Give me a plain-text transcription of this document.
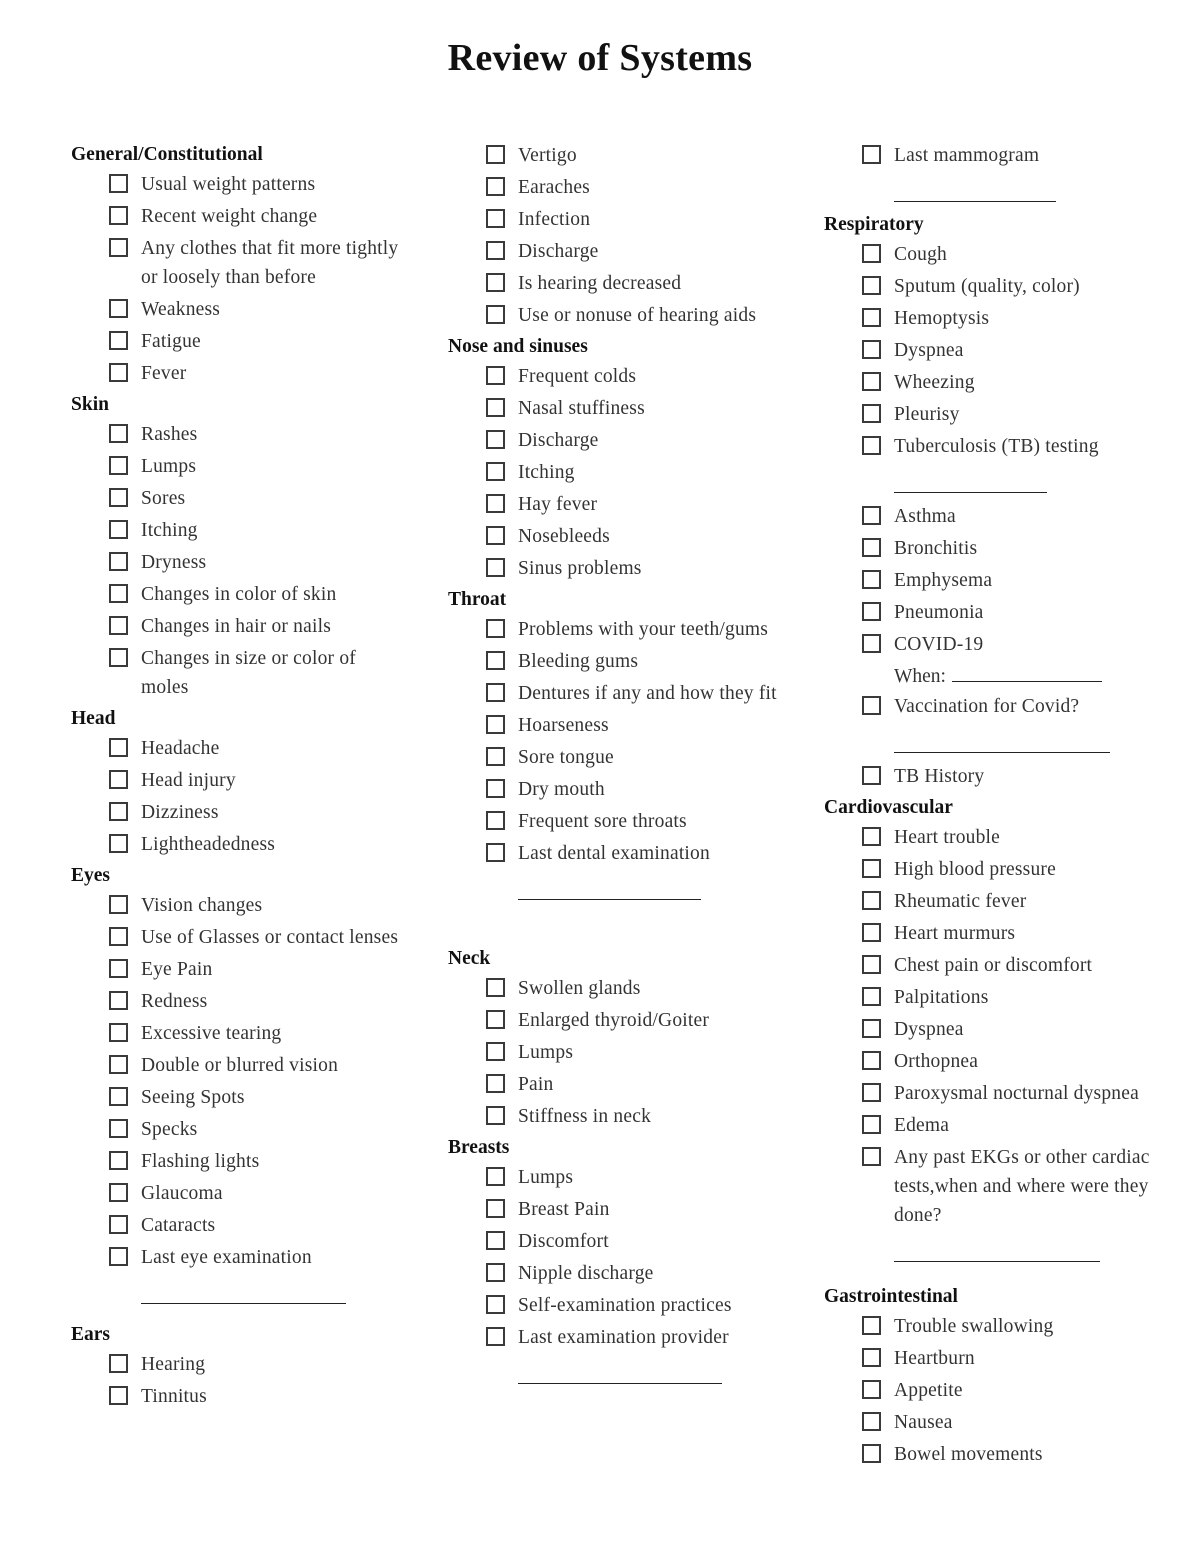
Review of Systems
General/Constitutional
Usual weight patterns
Recent weight change
Any clothes that fit more tightly or loosely than before
Weakness
Fatigue
Fever
Skin
Rashes
Lumps
Sores
Itching
Dryness
Changes in color of skin
Changes in hair or nails
Changes in size or color of moles
Head
Headache
Head injury
Dizziness
Lightheadedness
Eyes
Vision changes
Use of Glasses or contact lenses
Eye Pain
Redness
Excessive tearing
Double or blurred vision
Seeing Spots
Specks
Flashing lights
Glaucoma
Cataracts
Last eye examination
Ears
Hearing
Tinnitus
Vertigo
Earaches
Infection
Discharge
Is hearing decreased
Use or nonuse of hearing aids
Nose and sinuses
Frequent colds
Nasal stuffiness
Discharge
Itching
Hay fever
Nosebleeds
Sinus problems
Throat
Problems with your teeth/gums
Bleeding gums
Dentures if any and how they fit
Hoarseness
Sore tongue
Dry mouth
Frequent sore throats
Last dental examination
Neck
Swollen glands
Enlarged thyroid/Goiter
Lumps
Pain
Stiffness in neck
Breasts
Lumps
Breast Pain
Discomfort
Nipple discharge
Self-examination practices
Last examination provider
Last mammogram
Respiratory
Cough
Sputum (quality, color)
Hemoptysis
Dyspnea
Wheezing
Pleurisy
Tuberculosis (TB) testing
Asthma
Bronchitis
Emphysema
Pneumonia
COVID-19
When:
Vaccination for Covid?
TB History
Cardiovascular
Heart trouble
High blood pressure
Rheumatic fever
Heart murmurs
Chest pain or discomfort
Palpitations
Dyspnea
Orthopnea
Paroxysmal nocturnal dyspnea
Edema
Any past EKGs or other cardiac tests,when and where were they done?
Gastrointestinal
Trouble swallowing
Heartburn
Appetite
Nausea
Bowel movements
